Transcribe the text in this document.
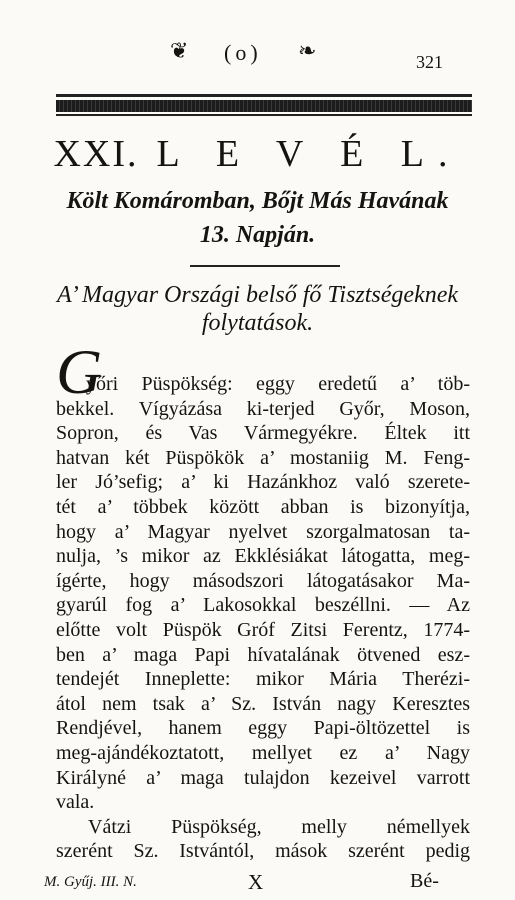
❦ (o) ❧	321
XXI. L E V É L.
Költ Komáromban, Bőjt Más Havának
13. Napján.
A’ Magyar Országi belső fő Tisztségeknek
folytatások.
G
yőri Püspökség: eggy eredetű a’ töb-
bekkel. Vígyázása ki-terjed Győr, Moson,
Sopron, és Vas Vármegyékre. Éltek itt
hatvan két Püspökök a’ mostaniig M. Feng-
ler Jó’sefig; a’ ki Hazánkhoz való szerete-
tét a’ többek között abban is bizonyítja,
hogy a’ Magyar nyelvet szorgalmatosan ta-
nulja, ’s mikor az Ekklésiákat látogatta, meg-
ígérte, hogy másodszori látogatásakor Ma-
gyarúl fog a’ Lakosokkal beszéllni. — Az
előtte volt Püspök Gróf Zitsi Ferentz, 1774-
ben a’ maga Papi hívatalának ötvened esz-
tendejét Inneplette: mikor Mária Therézi-
átol nem tsak a’ Sz. István nagy Keresztes
Rendjével, hanem eggy Papi-öltözettel is
meg-ajándékoztatott, mellyet ez a’ Nagy
Királyné a’ maga tulajdon kezeivel varrott
vala.
Vátzi Püspökség, melly némellyek
szerént Sz. Istvántól, mások szerént pedig
M. Gyűj. III. N.	X	Bé-
